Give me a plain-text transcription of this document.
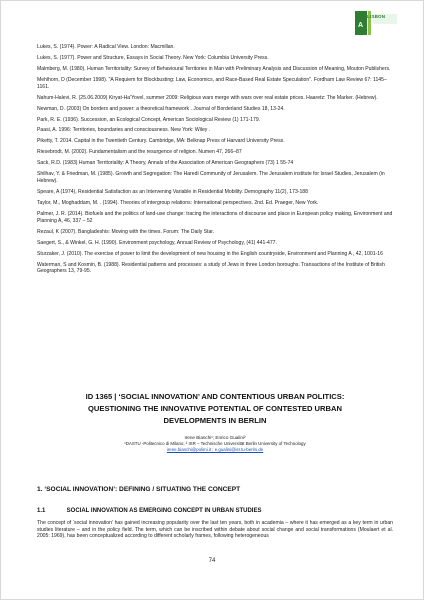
A
LISBON

Lukes, S. (1974). Power: A Radical View. London: Macmillan.

Lukes, S. (1977). Power and Structure, Essays in Social Theory. New York: Columbia University Press.

Malmberg, M. (1980). Human Territoriality: Survey of Behavioural Territories in Man with Preliminary Analysis and Discussion of Meaning, Mouton Publishers.

Mehlhorn, D (December 1998). "A Requiem for Blockbusting: Law, Economics, and Race-Based Real Estate Speculation". Fordham Law Review 67: 1145–1161.

Nahum-Halevi, R. (25.06.2009) Kiryat-Ha'Yovel, summer 2009: Religious wars merge with wars over real estate prices. Haaretz: The Marker. (Hebrew).

Newman, D. (2003) On borders and power: a theoretical framework . Journal of Borderland Studies 18, 13-24.

Park, R. E. (1936). Succession, an Ecological Concept, American Sociological Review (1) 171-179.

Paasi, A. 1996: Territories, boundaries and consciousness. New York: Wiley .

Piketty, T. 2014. Capital in the Twentieth Century. Cambridge, MA: Belknap Press of Harvard University Press.

Riesebrodt, M. (2002). Fundamentalism and the resurgence of religion. Numen 47, 266–87

Sack, R.D. (1983) Human Territoriality: A Theory, Annals of the Association of American Geographers (73) 1 55-74

Shilhav, Y. & Friedman, M. (1985). Growth and Segregation: The Haredi Community of Jerusalem. The Jerusalem institute for Israel Studies, Jerusalem (in Hebrew).

Speare, A (1974), Residential Satisfaction as an Intervening Variable in Residential Mobility. Demography 11(2), 173-188

Taylor, M., Moghaddam, M. . (1994). Theories of intergroup relations: International perspectives. 2nd. Ed. Praeger, New York.

Palmer, J. R. (2014). Biofuels and the politics of land-use change: tracing the interactions of discourse and place in European policy making, Environment and Planning A, 46, 337 – 52

Rezaul, K (2007). Bangladeshis: Moving with the times. Forum: The Daily Star.

Saegert, S., & Winkel, G. H. (1990). Environment psychology, Annual Review of Psychology, (41) 441-477.

Sturzaker, J. (2010). The exercise of power to limit the development of new housing in the English countryside, Environment and Planning A , 42, 1001-16

Waterman, S and Kosmin, B. (1988). Residential patterns and processes: a study of Jews in three London boroughs. Transactions of the Institute of British Geographers 13, 79-95.

ID 1365 | ‘SOCIAL INNOVATION’ AND CONTENTIOUS URBAN POLITICS:
QUESTIONING THE INNOVATIVE POTENTIAL OF CONTESTED URBAN
DEVELOPMENTS IN BERLIN
Irene Bianchi¹; Enrico Gualini²
¹DASTU -Politecnico di Milano; ² ISR – Technische Universität Berlin University of Technology
irene.bianchi@polimi.it ; e.gualini@isr.tu-berlin.de
1. ‘SOCIAL INNOVATION’: DEFINING / SITUATING THE CONCEPT
1.1	SOCIAL INNOVATION AS EMERGING CONCEPT IN URBAN STUDIES
The concept of ‘social innovation’ has gained increasing popularity over the last ten years, both in academia – where it has emerged as a key term in urban studies literature – and in the policy field. The term, which can be inscribed within debate about social change and social transformations (Moulaert et al. 2005: 1969), has been conceptualized according to different scholarly frames, following heterogeneous
74
